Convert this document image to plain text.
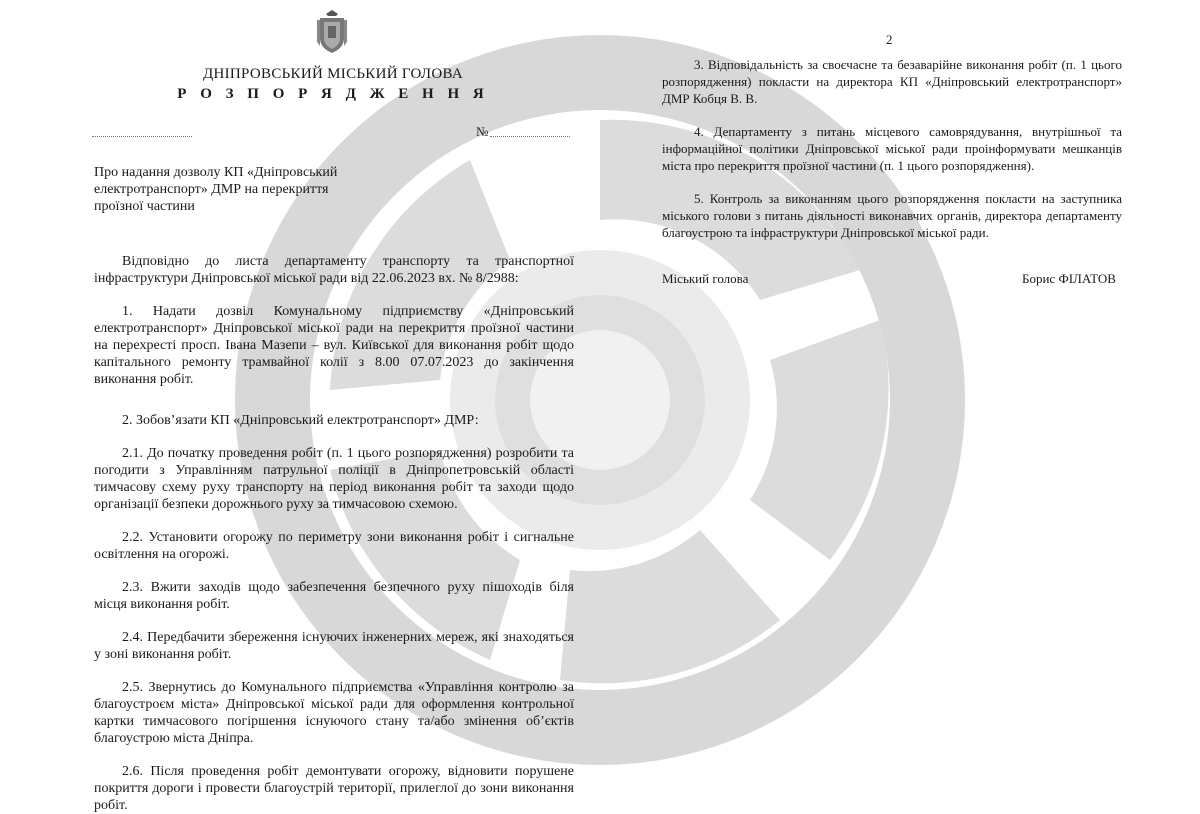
ДНІПРОВСЬКИЙ МІСЬКИЙ ГОЛОВА
Р О З П О Р Я Д Ж Е Н Н Я
№
Про надання дозволу КП «Дніпровський електротранспорт» ДМР на перекриття проїзної частини

Відповідно до листа департаменту транспорту та транспортної інфраструктури Дніпровської міської ради від 22.06.2023 вх. № 8/2988:

1. Надати дозвіл Комунальному підприємству «Дніпровський електротранспорт» Дніпровської міської ради на перекриття проїзної частини на перехресті просп. Івана Мазепи – вул. Київської для виконання робіт щодо капітального ремонту трамвайної колії з 8.00 07.07.2023 до закінчення виконання робіт.

2. Зобов’язати КП «Дніпровський електротранспорт» ДМР:

2.1. До початку проведення робіт (п. 1 цього розпорядження) розробити та погодити з Управлінням патрульної поліції в Дніпропетровській області тимчасову схему руху транспорту на період виконання робіт та заходи щодо організації безпеки дорожнього руху за тимчасовою схемою.

2.2. Установити огорожу по периметру зони виконання робіт і сигнальне освітлення на огорожі.

2.3. Вжити заходів щодо забезпечення безпечного руху пішоходів біля місця виконання робіт.

2.4. Передбачити збереження існуючих інженерних мереж, які знаходяться у зоні виконання робіт.

2.5. Звернутись до Комунального підприємства «Управління контролю за благоустроєм міста» Дніпровської міської ради для оформлення контрольної картки тимчасового погіршення існуючого стану та/або змінення об’єктів благоустрою міста Дніпра.

2.6. Після проведення робіт демонтувати огорожу, відновити порушене покриття дороги і провести благоустрій території, прилеглої до зони виконання робіт.

2

3. Відповідальність за своєчасне та безаварійне виконання робіт (п. 1 цього розпорядження) покласти на директора КП «Дніпровський електротранспорт» ДМР Кобця В. В.

4. Департаменту з питань місцевого самоврядування, внутрішньої та інформаційної політики Дніпровської міської ради проінформувати мешканців міста про перекриття проїзної частини (п. 1 цього розпорядження).

5. Контроль за виконанням цього розпорядження покласти на заступника міського голови з питань діяльності виконавчих органів, директора департаменту благоустрою та інфраструктури Дніпровської міської ради.

Міський голова	Борис ФІЛАТОВ
